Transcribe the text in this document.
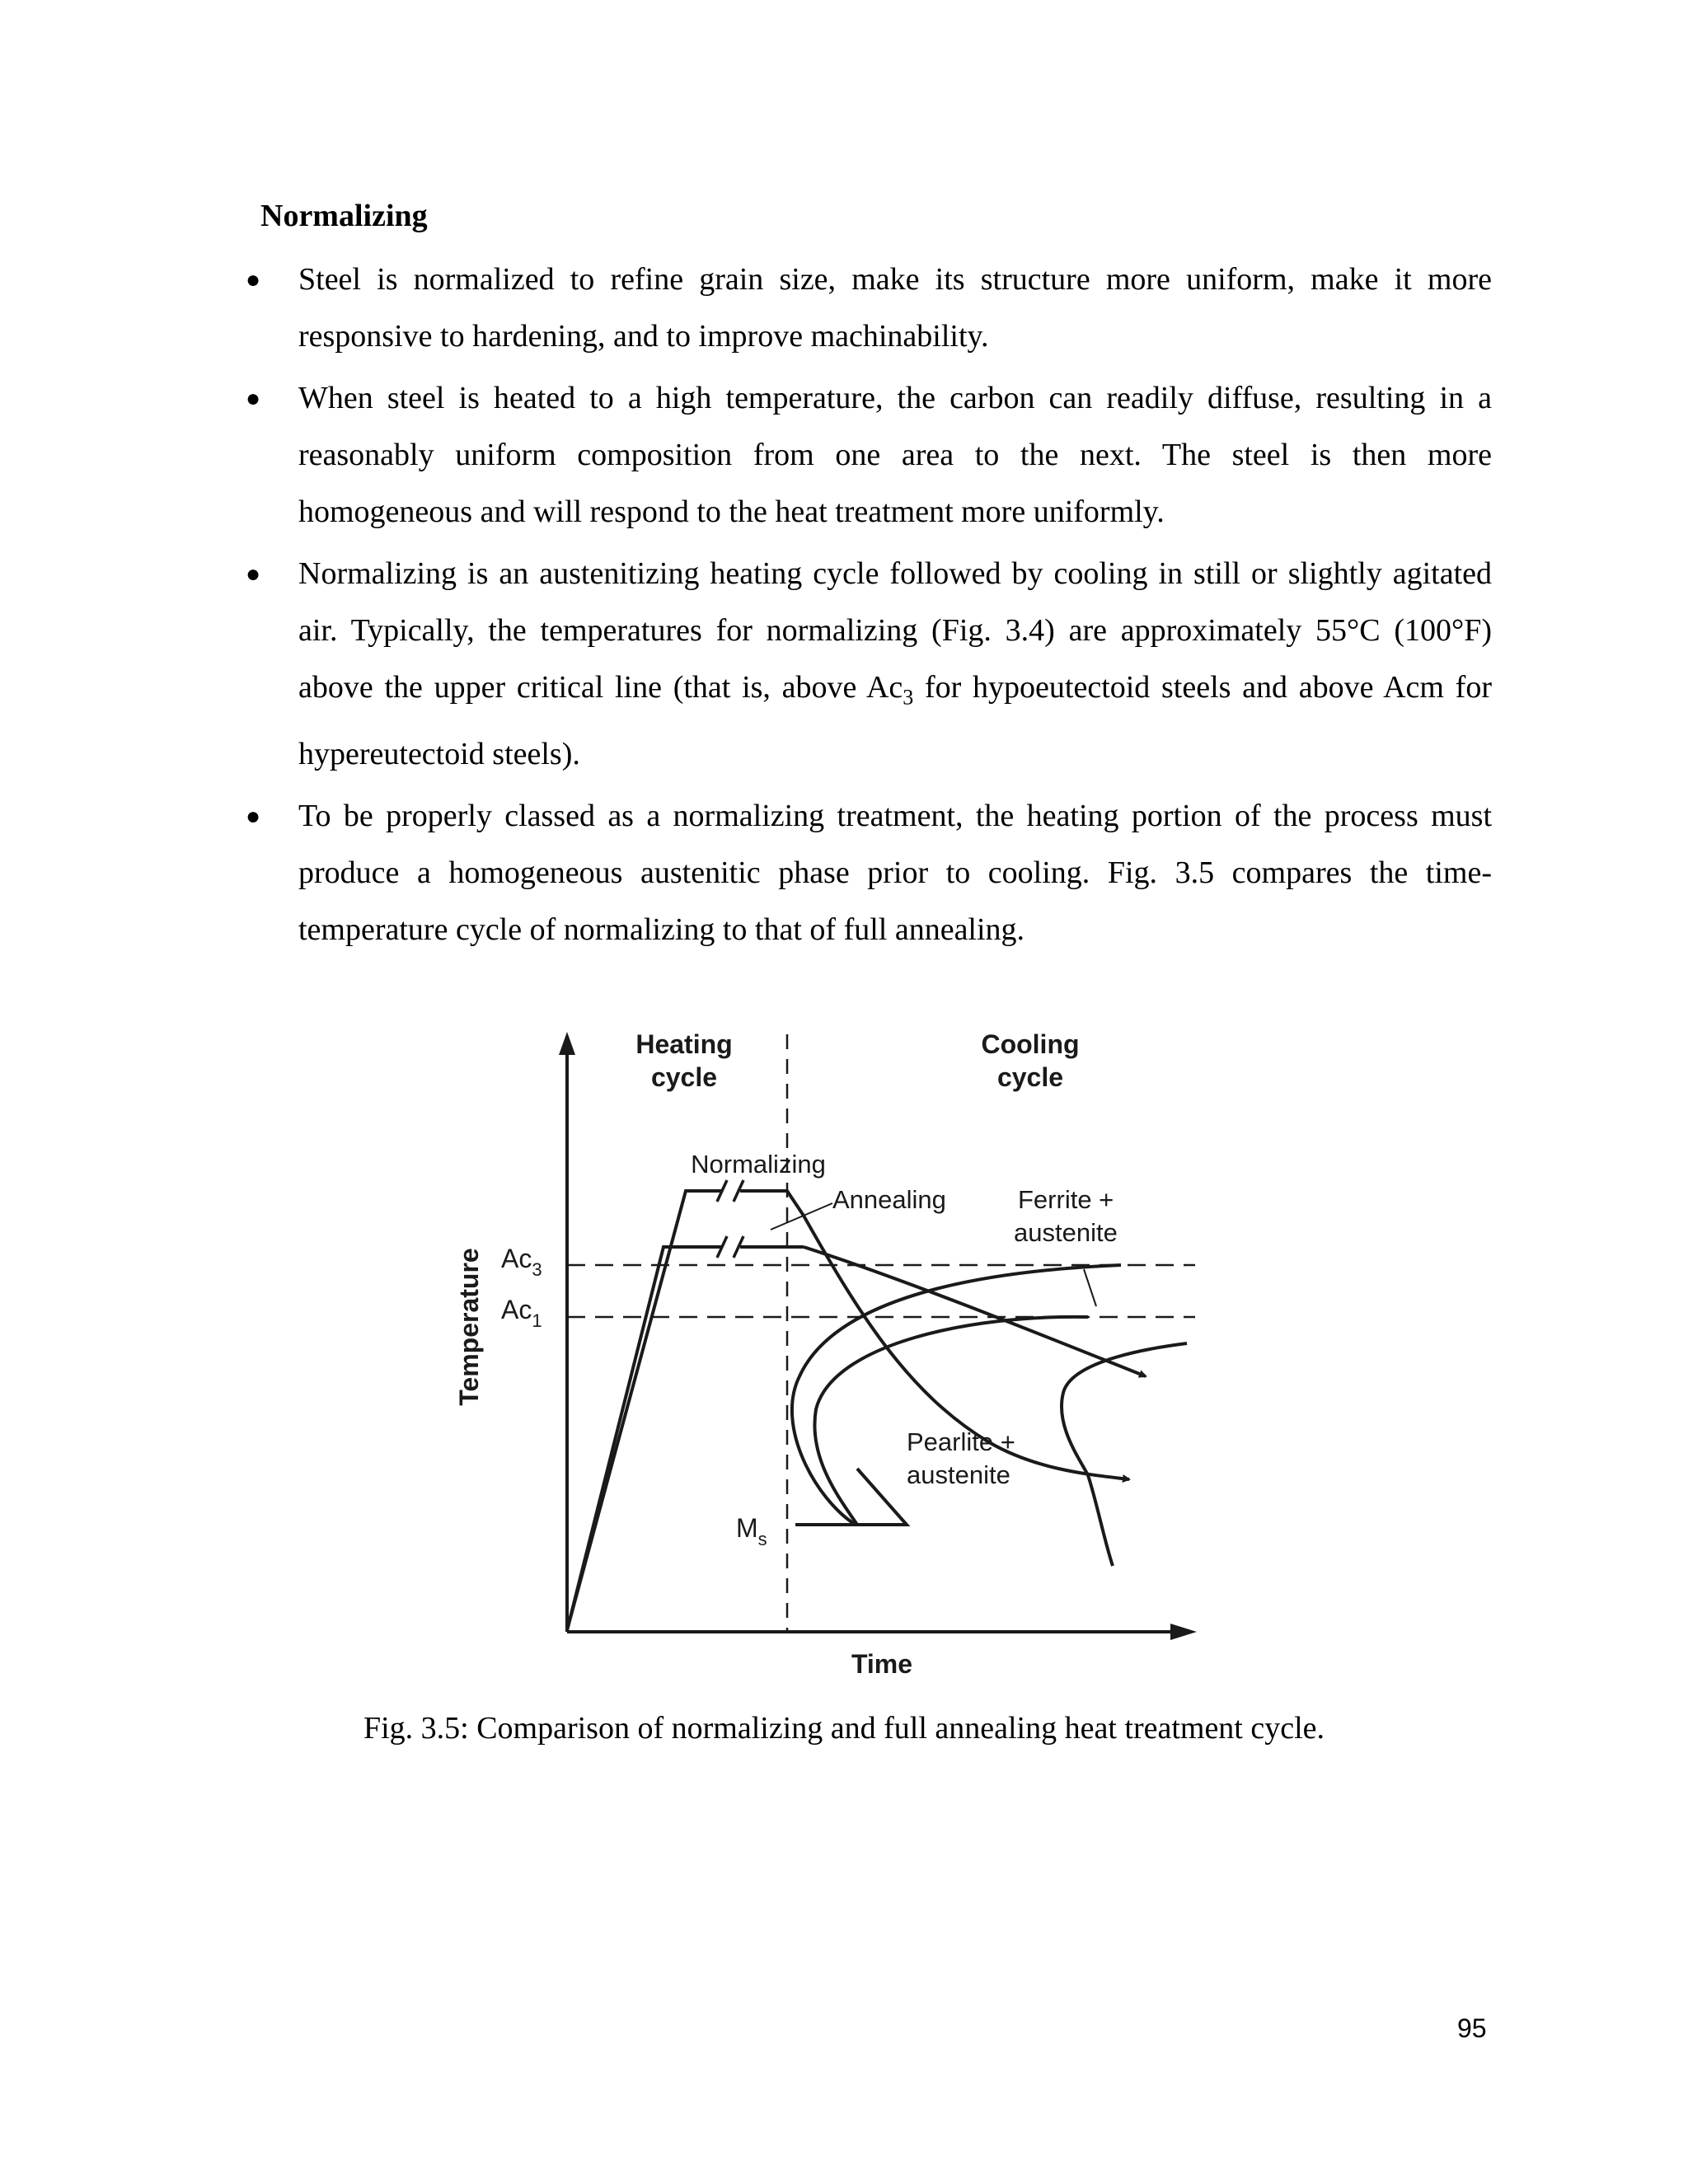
Normalizing
● Steel is normalized to refine grain size, make its structure more uniform, make it more responsive to hardening, and to improve machinability.
● When steel is heated to a high temperature, the carbon can readily diffuse, resulting in a reasonably uniform composition from one area to the next. The steel is then more homogeneous and will respond to the heat treatment more uniformly.
● Normalizing is an austenitizing heating cycle followed by cooling in still or slightly agitated air. Typically, the temperatures for normalizing (Fig. 3.4) are approximately 55°C (100°F) above the upper critical line (that is, above $Ac_3$ for hypoeutectoid steels and above Acm for hypereutectoid steels).
● To be properly classed as a normalizing treatment, the heating portion of the process must produce a homogeneous austenitic phase prior to cooling. Fig. 3.5 compares the time-temperature cycle of normalizing to that of full annealing.
Heating
cycle
Cooling
cycle
Normalizing
Annealing	Ferrite +
austenite
Pearlite +
austenite
$Ac_3$
$Ac_1$
$M_s$
Temperature
Time
Fig. 3.5: Comparison of normalizing and full annealing heat treatment cycle.
95
